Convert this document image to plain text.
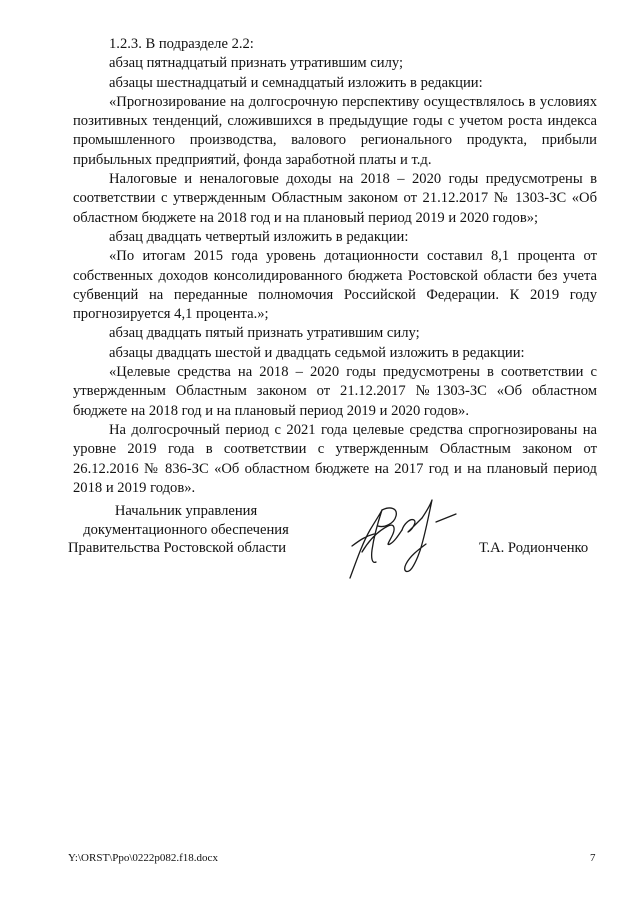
1.2.3. В подразделе 2.2:

абзац пятнадцатый признать утратившим силу;

абзацы шестнадцатый и семнадцатый изложить в редакции:

«Прогнозирование на долгосрочную перспективу осуществлялось в условиях позитивных тенденций, сложившихся в предыдущие годы с учетом роста индекса промышленного производства, валового регионального продукта, прибыли прибыльных предприятий, фонда заработной платы и т.д.

Налоговые и неналоговые доходы на 2018 – 2020 годы предусмотрены в соответствии с утвержденным Областным законом от 21.12.2017 № 1303-ЗС «Об областном бюджете на 2018 год и на плановый период 2019 и 2020 годов»;

абзац двадцать четвертый изложить в редакции:

«По итогам 2015 года уровень дотационности составил 8,1 процента от собственных доходов консолидированного бюджета Ростовской области без учета субвенций на переданные полномочия Российской Федерации. К 2019 году прогнозируется 4,1 процента.»;

абзац двадцать пятый признать утратившим силу;

абзацы двадцать шестой и двадцать седьмой изложить в редакции:

«Целевые средства на 2018 – 2020 годы предусмотрены в соответствии с утвержденным Областным законом от 21.12.2017 №1303-ЗС «Об областном бюджете на 2018 год и на плановый период 2019 и 2020 годов».

На долгосрочный период с 2021 года целевые средства спрогнозированы на уровне 2019 года в соответствии с утвержденным Областным законом от 26.12.2016 № 836-ЗС «Об областном бюджете на 2017 год и на плановый период 2018 и 2019 годов».

Начальник управления
документационного обеспечения
Правительства Ростовской области	Т.А. Родионченко
Y:\ORST\Ppo\0222p082.f18.docx	7
